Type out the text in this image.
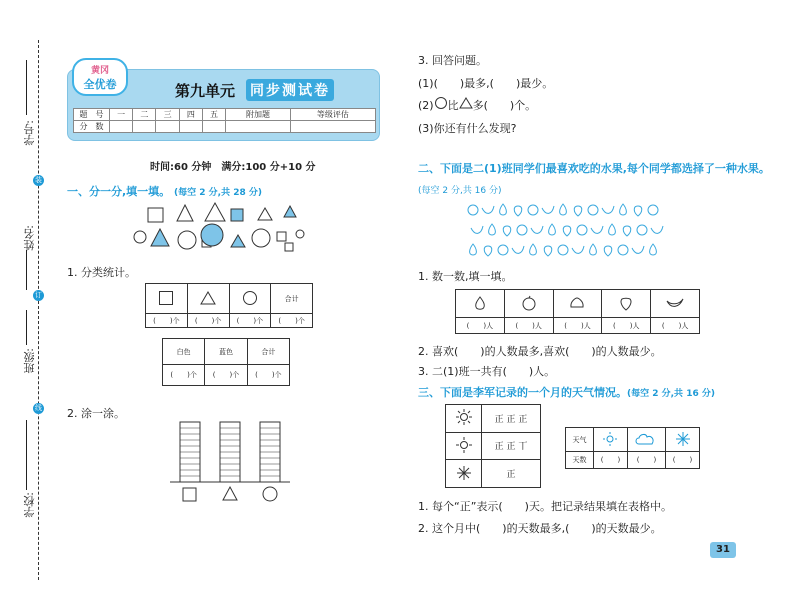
学号:
装
姓名:
订
班级:
线
学校:
黄冈
全优卷	第九单元 同步测试卷
题　号	一	二	三	四	五	附加题	等级评估
分　数							
时间:60 分钟　满分:100 分+10 分
一、分一分,填一填。 (每空 2 分,共 28 分)
1. 分类统计。
			合计
(　　)个	(　　)个	(　　)个	(　　)个
白色	蓝色	合计
(　　)个	(　　)个	(　　)个
2. 涂一涂。
3. 回答问题。
(1)(　　)最多,(　　)最少。
(2) 比 多(　　)个。
(3)你还有什么发现?
二、下面是二(1)班同学们最喜欢吃的水果,每个同学都选择了一种水果。
(每空 2 分,共 16 分)
1. 数一数,填一填。

(　　)人	(　　)人	(　　)人	(　　)人	(　　)人
2. 喜欢(　　)的人数最多,喜欢(　　)的人数最少。
3. 二(1)班一共有(　　)人。
三、下面是李军记录的一个月的天气情况。(每空 2 分,共 16 分)
	正 正 正
	正 正 丅
	正
天气			
天数	(　　)	(　　)	(　　)
1. 每个“正”表示(　　)天。把记录结果填在表格中。
2. 这个月中(　　)的天数最多,(　　)的天数最少。
31
